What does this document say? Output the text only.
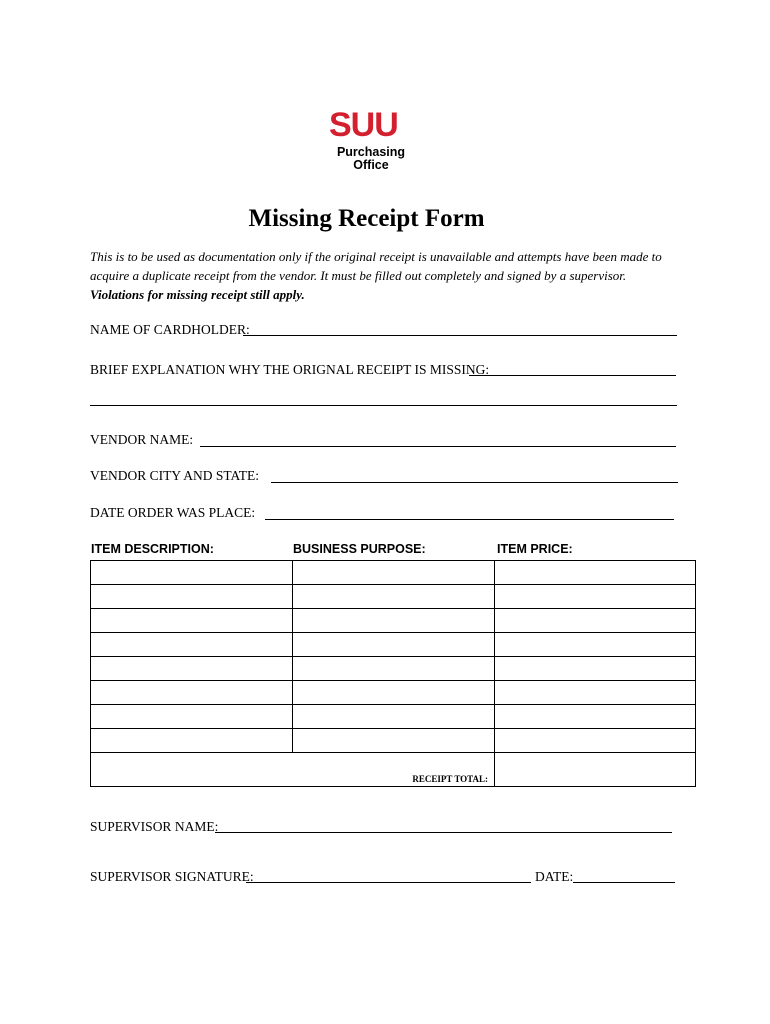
SUU
Purchasing
Office
Missing Receipt Form
This is to be used as documentation only if the original receipt is unavailable and attempts have been made to acquire a duplicate receipt from the vendor. It must be filled out completely and signed by a supervisor. Violations for missing receipt still apply.
NAME OF CARDHOLDER:
BRIEF EXPLANATION WHY THE ORIGNAL RECEIPT IS MISSING:
VENDOR NAME:
VENDOR CITY AND STATE:
DATE ORDER WAS PLACE:
ITEM DESCRIPTION:	BUSINESS PURPOSE:	ITEM PRICE:

RECEIPT TOTAL:		
SUPERVISOR NAME:
SUPERVISOR SIGNATURE:	DATE:
